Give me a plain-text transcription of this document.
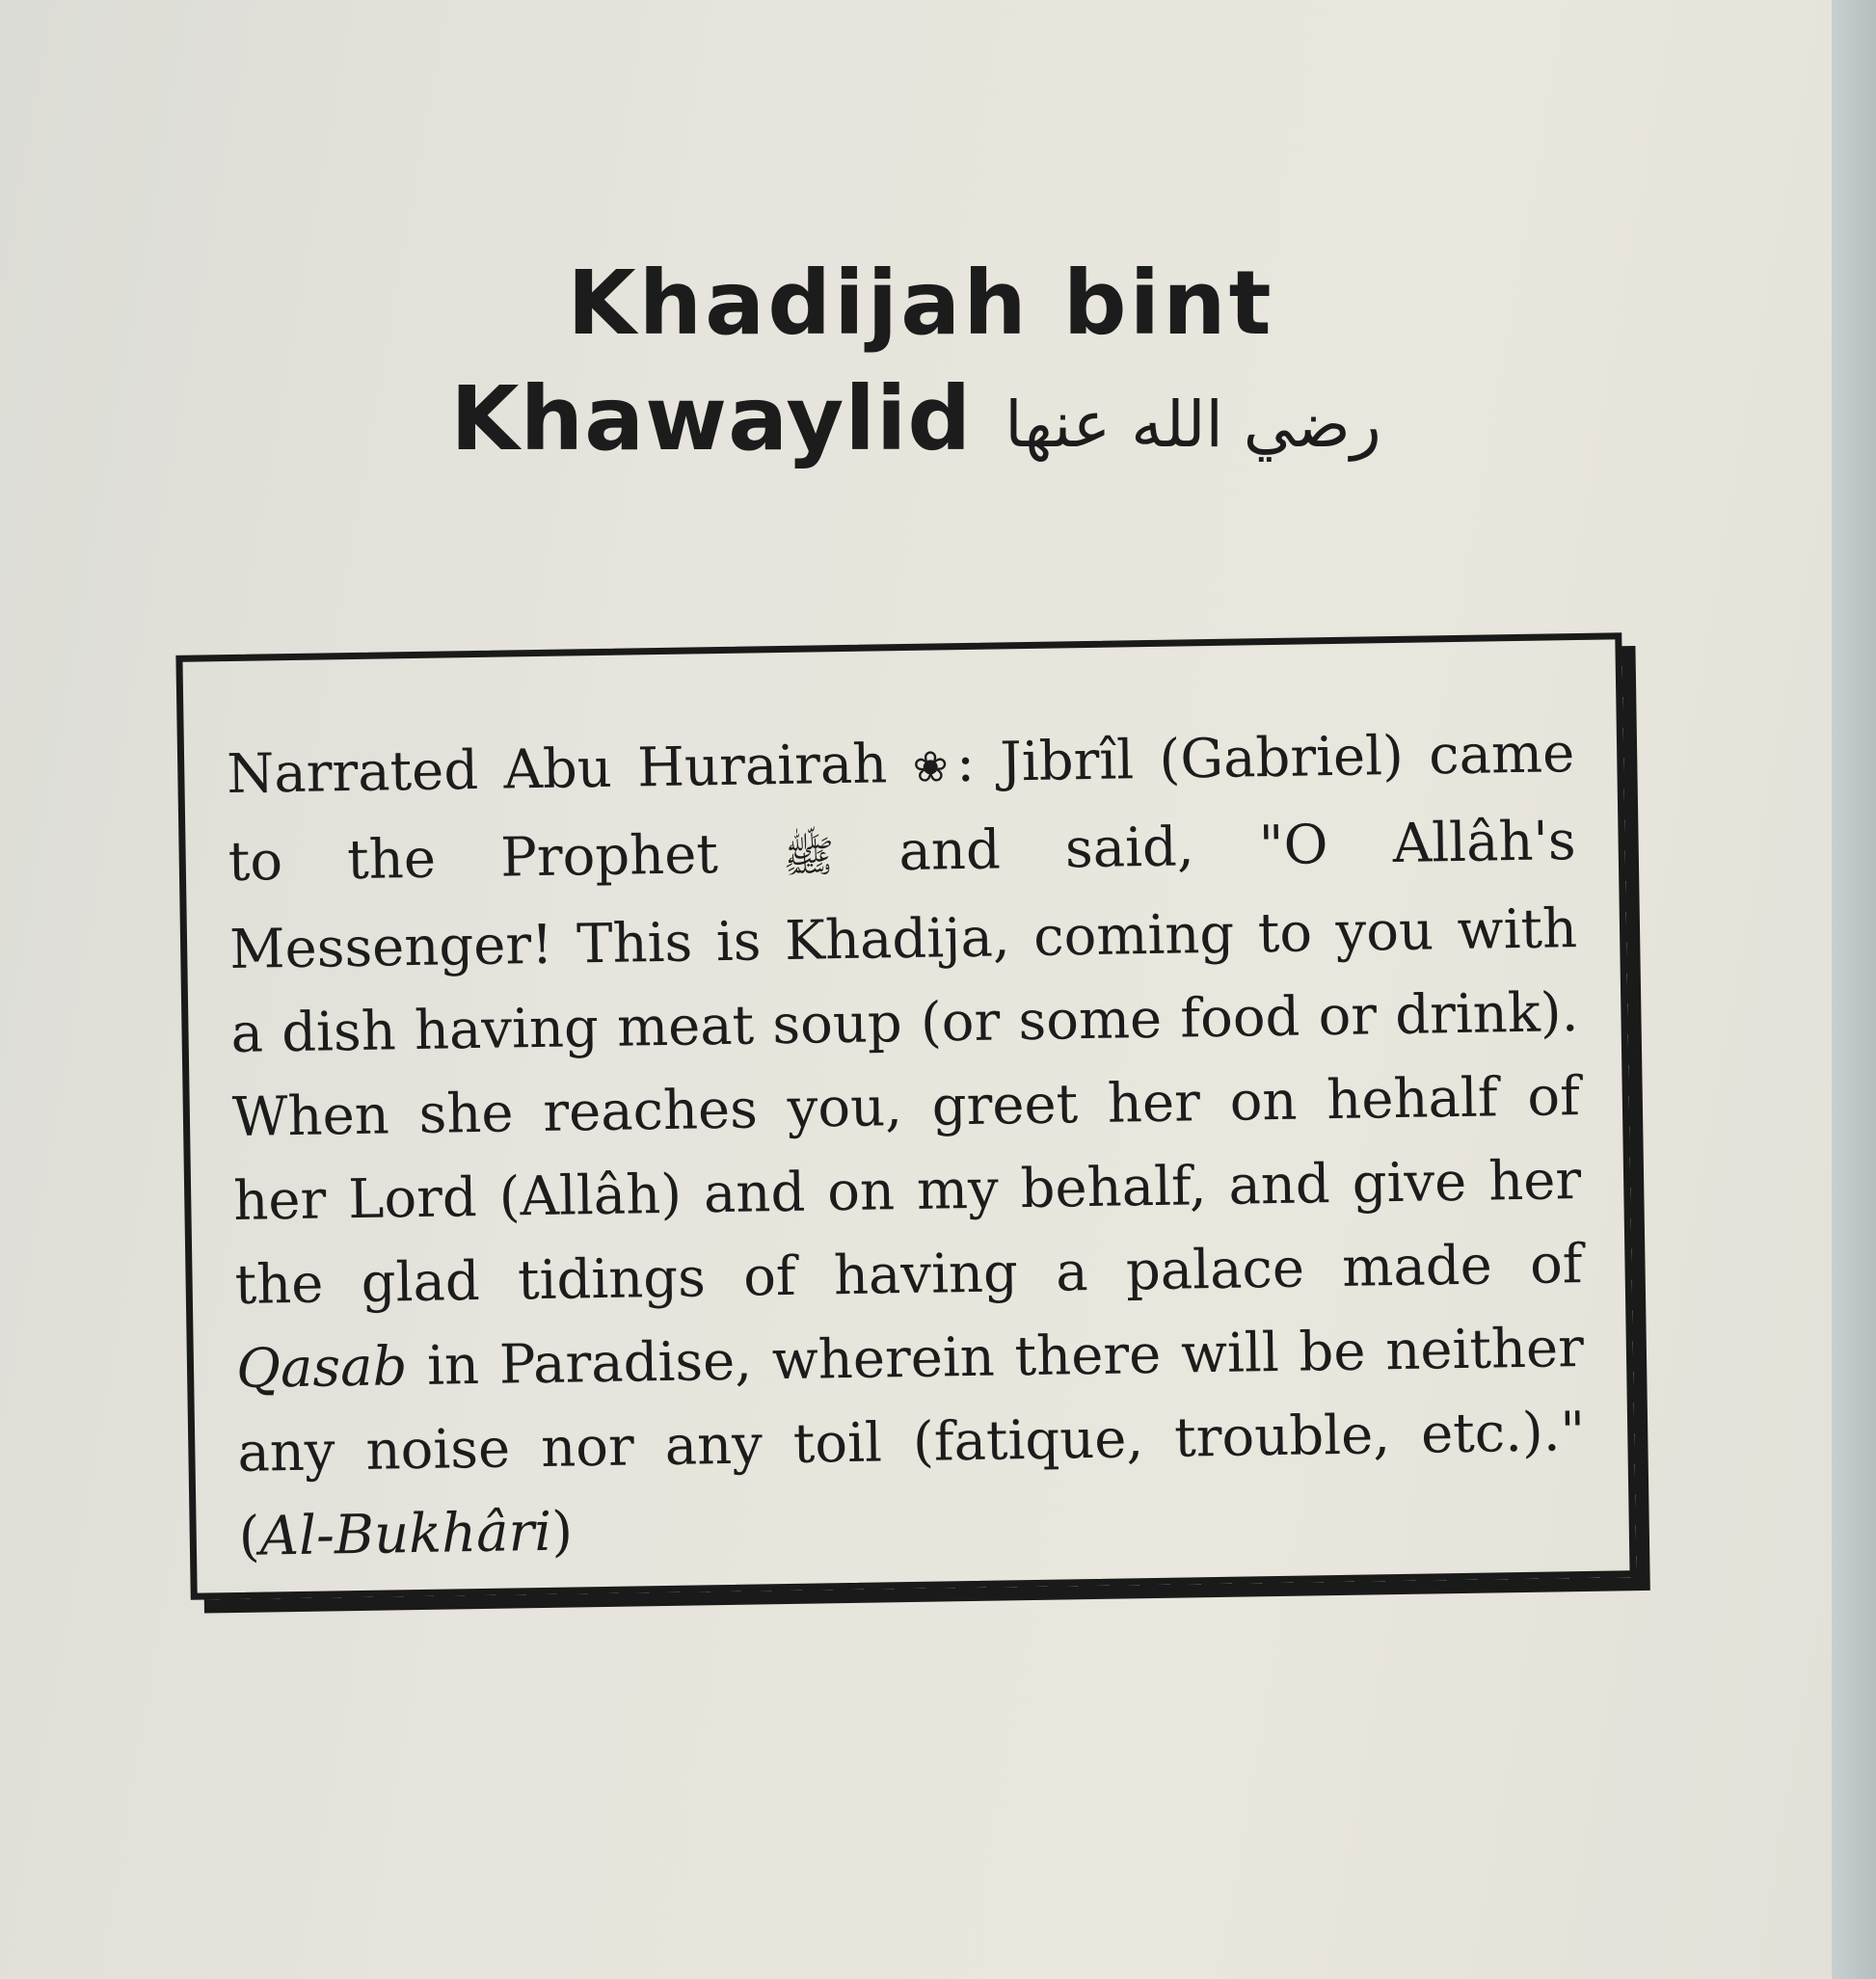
Khadijah bint
Khawaylid رضي الله عنها
Narrated Abu Hurairah ❀: Jibrîl (Gabriel) came to the Prophet ﷺ and said, "O Allâh's Messenger! This is Khadija, coming to you with a dish having meat soup (or some food or drink). When she reaches you, greet her on hehalf of her Lord (Allâh) and on my behalf, and give her the glad tidings of having a palace made of Qasab in Paradise, wherein there will be neither any noise nor any toil (fatique, trouble, etc.)." (Al-Bukhâri)
